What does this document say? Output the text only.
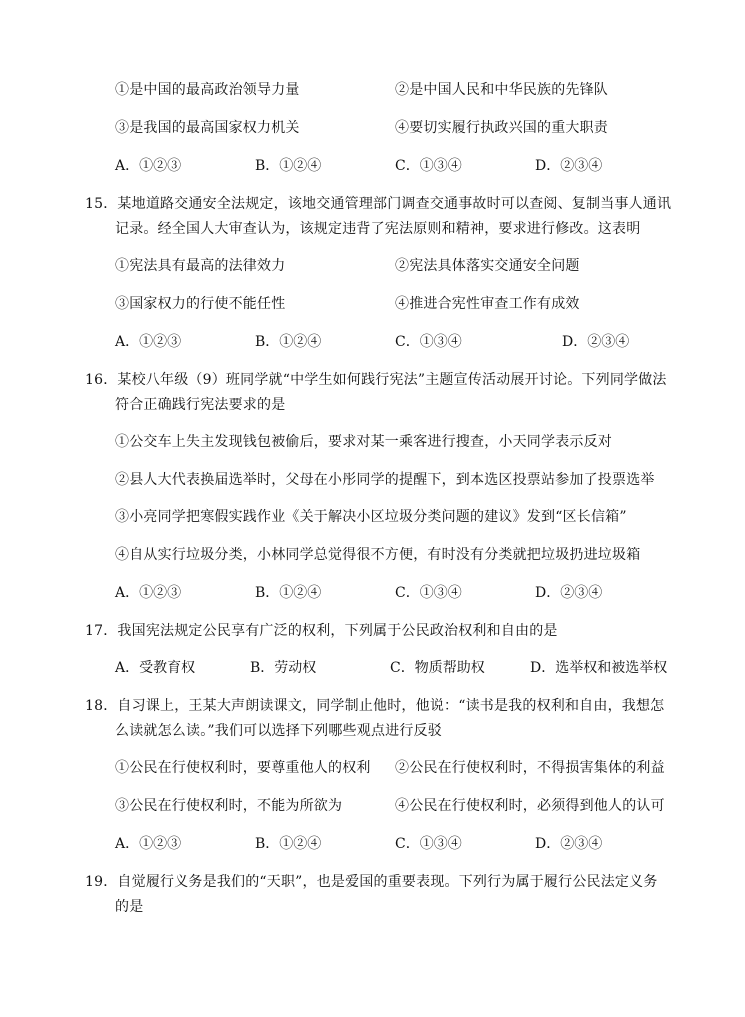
①是中国的最高政治领导力量	②是中国人民和中华民族的先锋队
③是我国的最高国家权力机关	④要切实履行执政兴国的重大职责
A．①②③	B．①②④	C．①③④	D．②③④
15．某地道路交通安全法规定，该地交通管理部门调查交通事故时可以查阅、复制当事人通讯
记录。经全国人大审查认为，该规定违背了宪法原则和精神，要求进行修改。这表明
①宪法具有最高的法律效力	②宪法具体落实交通安全问题
③国家权力的行使不能任性	④推进合宪性审查工作有成效
A．①②③	B．①②④	C．①③④	D．②③④
16．某校八年级（9）班同学就“中学生如何践行宪法”主题宣传活动展开讨论。下列同学做法
符合正确践行宪法要求的是
①公交车上失主发现钱包被偷后，要求对某一乘客进行搜查，小天同学表示反对
②县人大代表换届选举时，父母在小彤同学的提醒下，到本选区投票站参加了投票选举
③小亮同学把寒假实践作业《关于解决小区垃圾分类问题的建议》发到“区长信箱”
④自从实行垃圾分类，小林同学总觉得很不方便，有时没有分类就把垃圾扔进垃圾箱
A．①②③	B．①②④	C．①③④	D．②③④
17．我国宪法规定公民享有广泛的权利，下列属于公民政治权利和自由的是
A．受教育权	B．劳动权	C．物质帮助权	D．选举权和被选举权
18．自习课上，王某大声朗读课文，同学制止他时，他说：“读书是我的权利和自由，我想怎
么读就怎么读。”我们可以选择下列哪些观点进行反驳
①公民在行使权利时，要尊重他人的权利 ②公民在行使权利时，不得损害集体的利益
③公民在行使权利时，不能为所欲为	④公民在行使权利时，必须得到他人的认可
A．①②③	B．①②④	C．①③④	D．②③④
19．自觉履行义务是我们的“天职”，也是爱国的重要表现。下列行为属于履行公民法定义务
的是
